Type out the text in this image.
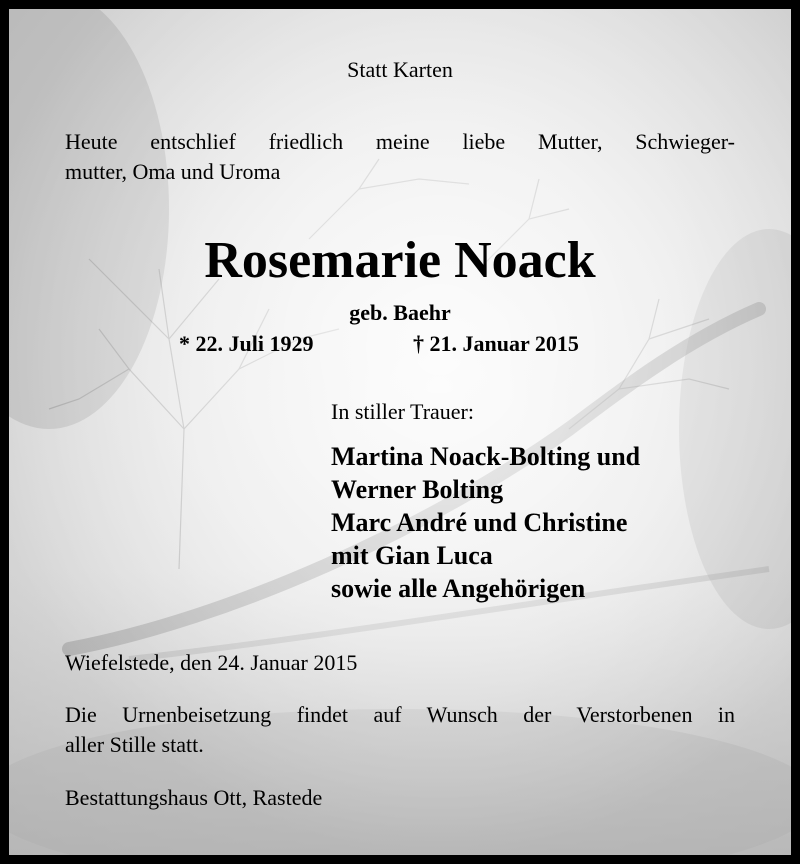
Statt Karten
Heute entschlief friedlich meine liebe Mutter, Schwieger-
mutter, Oma und Uroma
Rosemarie Noack
geb. Baehr
* 22. Juli 1929	† 21. Januar 2015
In stiller Trauer:
Martina Noack-Bolting und
Werner Bolting
Marc André und Christine
mit Gian Luca
sowie alle Angehörigen
Wiefelstede, den 24. Januar 2015
Die Urnenbeisetzung findet auf Wunsch der Verstorbenen in
aller Stille statt.
Bestattungshaus Ott, Rastede
